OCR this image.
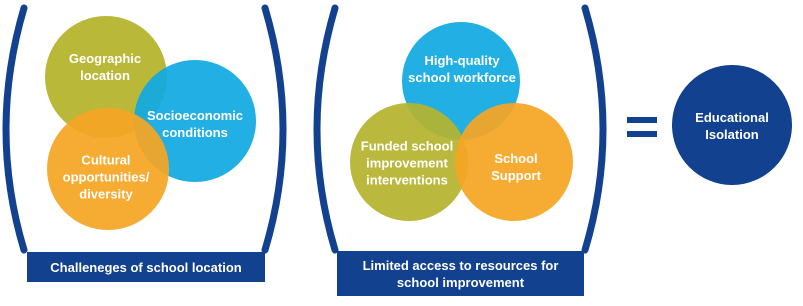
Geographic
location
Socioeconomic
conditions
Cultural
opportunities/
diversity
High-quality
school workforce
Funded school
improvement
interventions
School
Support
Educational
Isolation
Challeneges of school location	Limited access to resources for
school improvement
